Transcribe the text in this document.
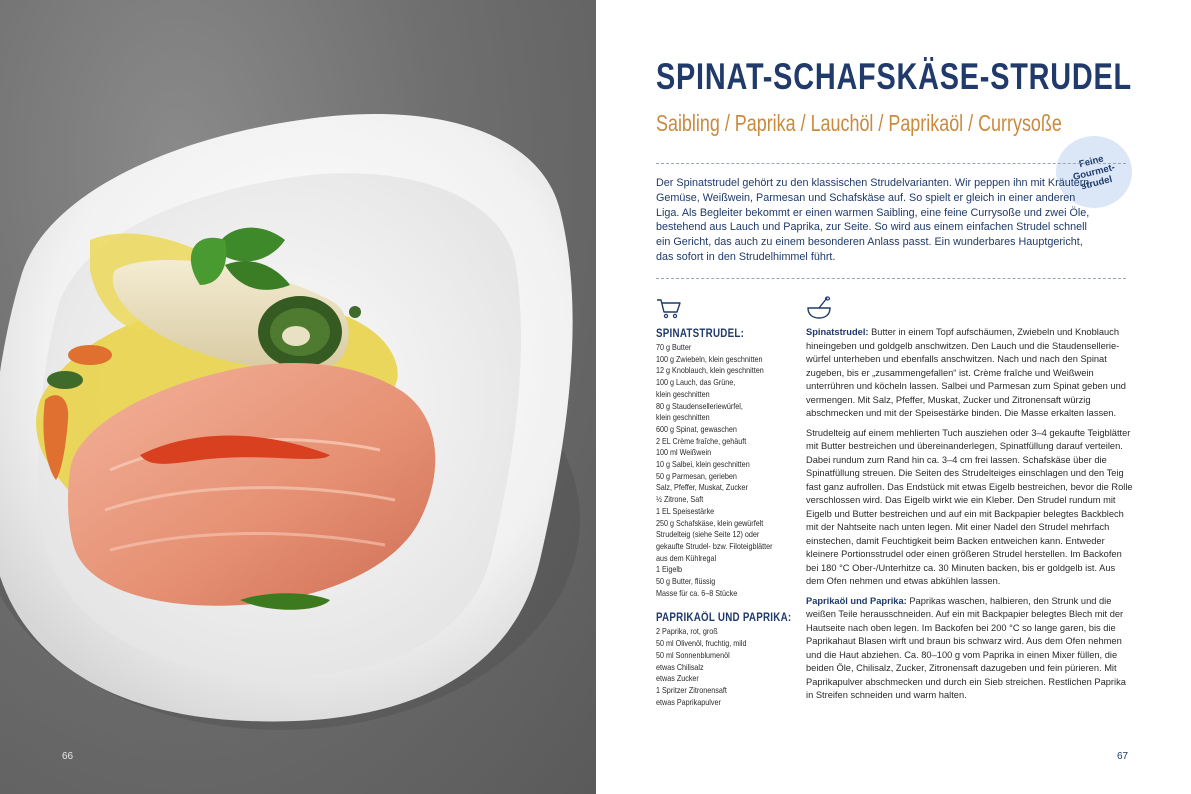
66
SPINAT-SCHAFSKÄSE-STRUDEL
Saibling / Paprika / Lauchöl / Paprikaöl / Currysoße
Feine Gourmet-strudel
Der Spinatstrudel gehört zu den klassischen Strudelvarianten. Wir peppen ihn mit Kräutern, Gemüse, Weißwein, Parmesan und Schafskäse auf. So spielt er gleich in einer anderen Liga. Als Begleiter bekommt er einen warmen Saibling, eine feine Currysoße und zwei Öle, bestehend aus Lauch und Paprika, zur Seite. So wird aus einem einfachen Strudel schnell ein Gericht, das auch zu einem besonderen Anlass passt. Ein wunderbares Hauptgericht, das sofort in den Strudelhimmel führt.
SPINATSTRUDEL:
70 g Butter
100 g Zwiebeln, klein geschnitten
12 g Knoblauch, klein geschnitten
100 g Lauch, das Grüne,
klein geschnitten
80 g Staudenselleriewürfel,
klein geschnitten
600 g Spinat, gewaschen
2 EL Crème fraîche, gehäuft
100 ml Weißwein
10 g Salbei, klein geschnitten
50 g Parmesan, gerieben
Salz, Pfeffer, Muskat, Zucker
½ Zitrone, Saft
1 EL Speisestärke
250 g Schafskäse, klein gewürfelt
Strudelteig (siehe Seite 12) oder
gekaufte Strudel- bzw. Filoteigblätter
aus dem Kühlregal
1 Eigelb
50 g Butter, flüssig
Masse für ca. 6–8 Stücke
PAPRIKAÖL UND PAPRIKA:
2 Paprika, rot, groß
50 ml Olivenöl, fruchtig, mild
50 ml Sonnenblumenöl
etwas Chilisalz
etwas Zucker
1 Spritzer Zitronensaft
etwas Paprikapulver

Spinatstrudel: Butter in einem Topf aufschäumen, Zwiebeln und Knoblauch hineingeben und goldgelb anschwitzen. Den Lauch und die Staudenselleriewürfel unterheben und ebenfalls anschwitzen. Nach und nach den Spinat zugeben, bis er „zusammengefallen“ ist. Crème fraîche und Weißwein unterrühren und köcheln lassen. Salbei und Parmesan zum Spinat geben und vermengen. Mit Salz, Pfeffer, Muskat, Zucker und Zitronensaft würzig abschmecken und mit der Speisestärke binden. Die Masse erkalten lassen.

Strudelteig auf einem mehlierten Tuch ausziehen oder 3–4 gekaufte Teigblätter mit Butter bestreichen und übereinanderlegen, Spinatfüllung darauf verteilen. Dabei rundum zum Rand hin ca. 3–4 cm frei lassen. Schafskäse über die Spinatfüllung streuen. Die Seiten des Strudelteiges einschlagen und den Teig fast ganz aufrollen. Das Endstück mit etwas Eigelb bestreichen, bevor die Rolle verschlossen wird. Das Eigelb wirkt wie ein Kleber. Den Strudel rundum mit Eigelb und Butter bestreichen und auf ein mit Backpapier belegtes Backblech mit der Nahtseite nach unten legen. Mit einer Nadel den Strudel mehrfach einstechen, damit Feuchtigkeit beim Backen entweichen kann. Entweder kleinere Portionsstrudel oder einen größeren Strudel herstellen. Im Backofen bei 180 °C Ober-/Unterhitze ca. 30 Minuten backen, bis er goldgelb ist. Aus dem Ofen nehmen und etwas abkühlen lassen.

Paprikaöl und Paprika: Paprikas waschen, halbieren, den Strunk und die weißen Teile herausschneiden. Auf ein mit Backpapier belegtes Blech mit der Hautseite nach oben legen. Im Backofen bei 200 °C so lange garen, bis die Paprikahaut Blasen wirft und braun bis schwarz wird. Aus dem Ofen nehmen und die Haut abziehen. Ca. 80–100 g vom Paprika in einen Mixer füllen, die beiden Öle, Chilisalz, Zucker, Zitronensaft dazugeben und fein pürieren. Mit Paprikapulver abschmecken und durch ein Sieb streichen. Restlichen Paprika in Streifen schneiden und warm halten.

67
